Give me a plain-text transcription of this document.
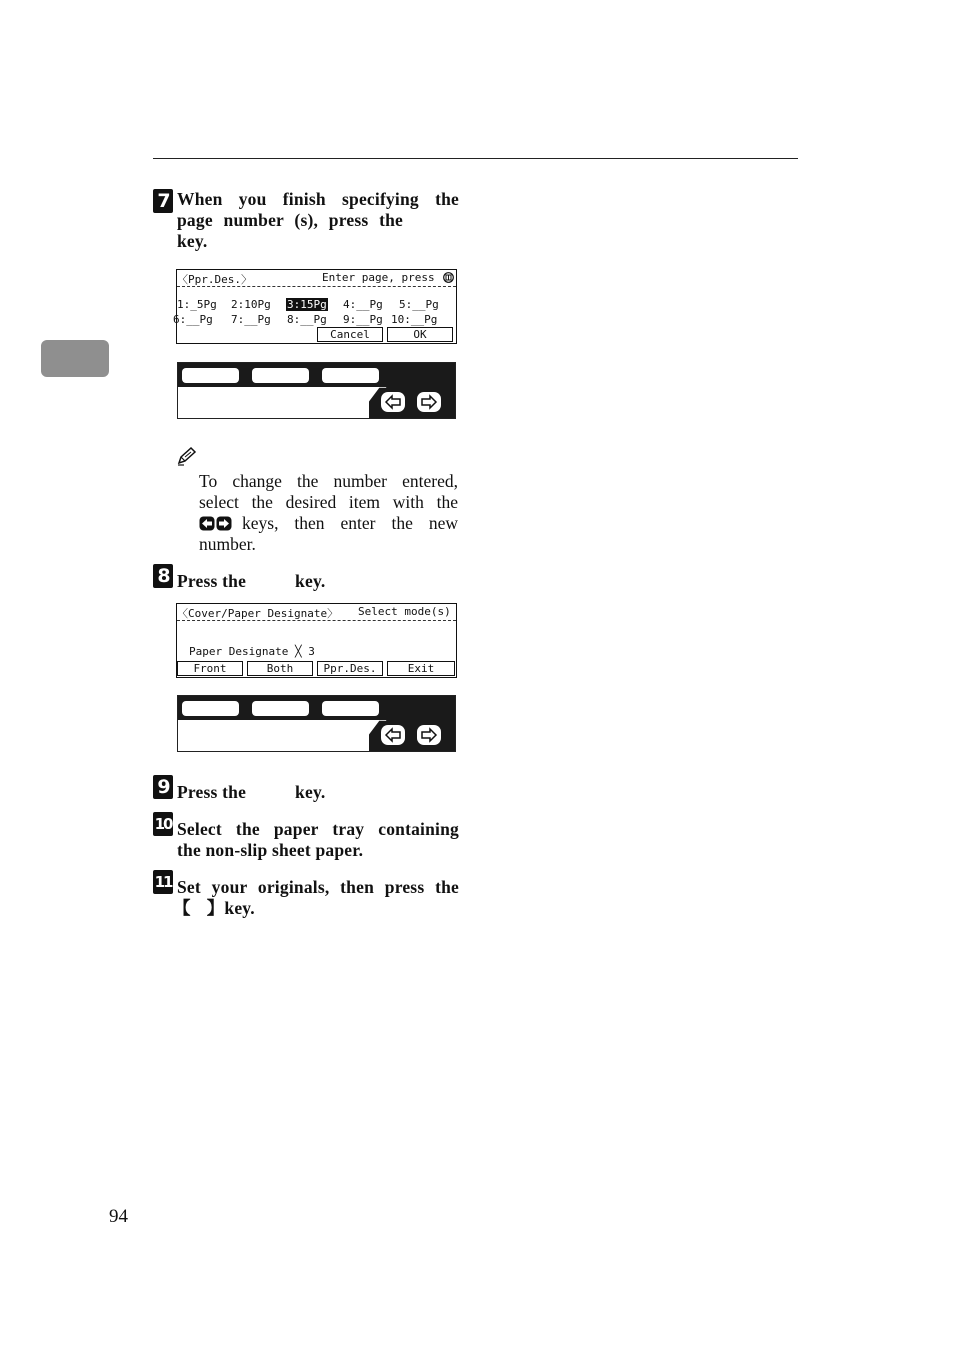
7 When you finish specifying the
page number (s), press the
key.
〈Ppr.Des.〉	Enter page, press
1:_5Pg 2:10Pg 3:15Pg 4:__Pg 5:__Pg
6:__Pg 7:__Pg 8:__Pg 9:__Pg 10:__Pg
Cancel	OK
To change the number entered,
select the desired item with the
keys, then enter the new
number.
8 Press the	key.
〈Cover/Paper Designate〉 Select mode(s)
Paper Designate ╳ 3
Front	Both	Ppr.Des.	Exit
9 Press the	key.
10 Select the paper tray containing
the non-slip sheet paper.
11 Set your originals, then press the
【 】key.
94
